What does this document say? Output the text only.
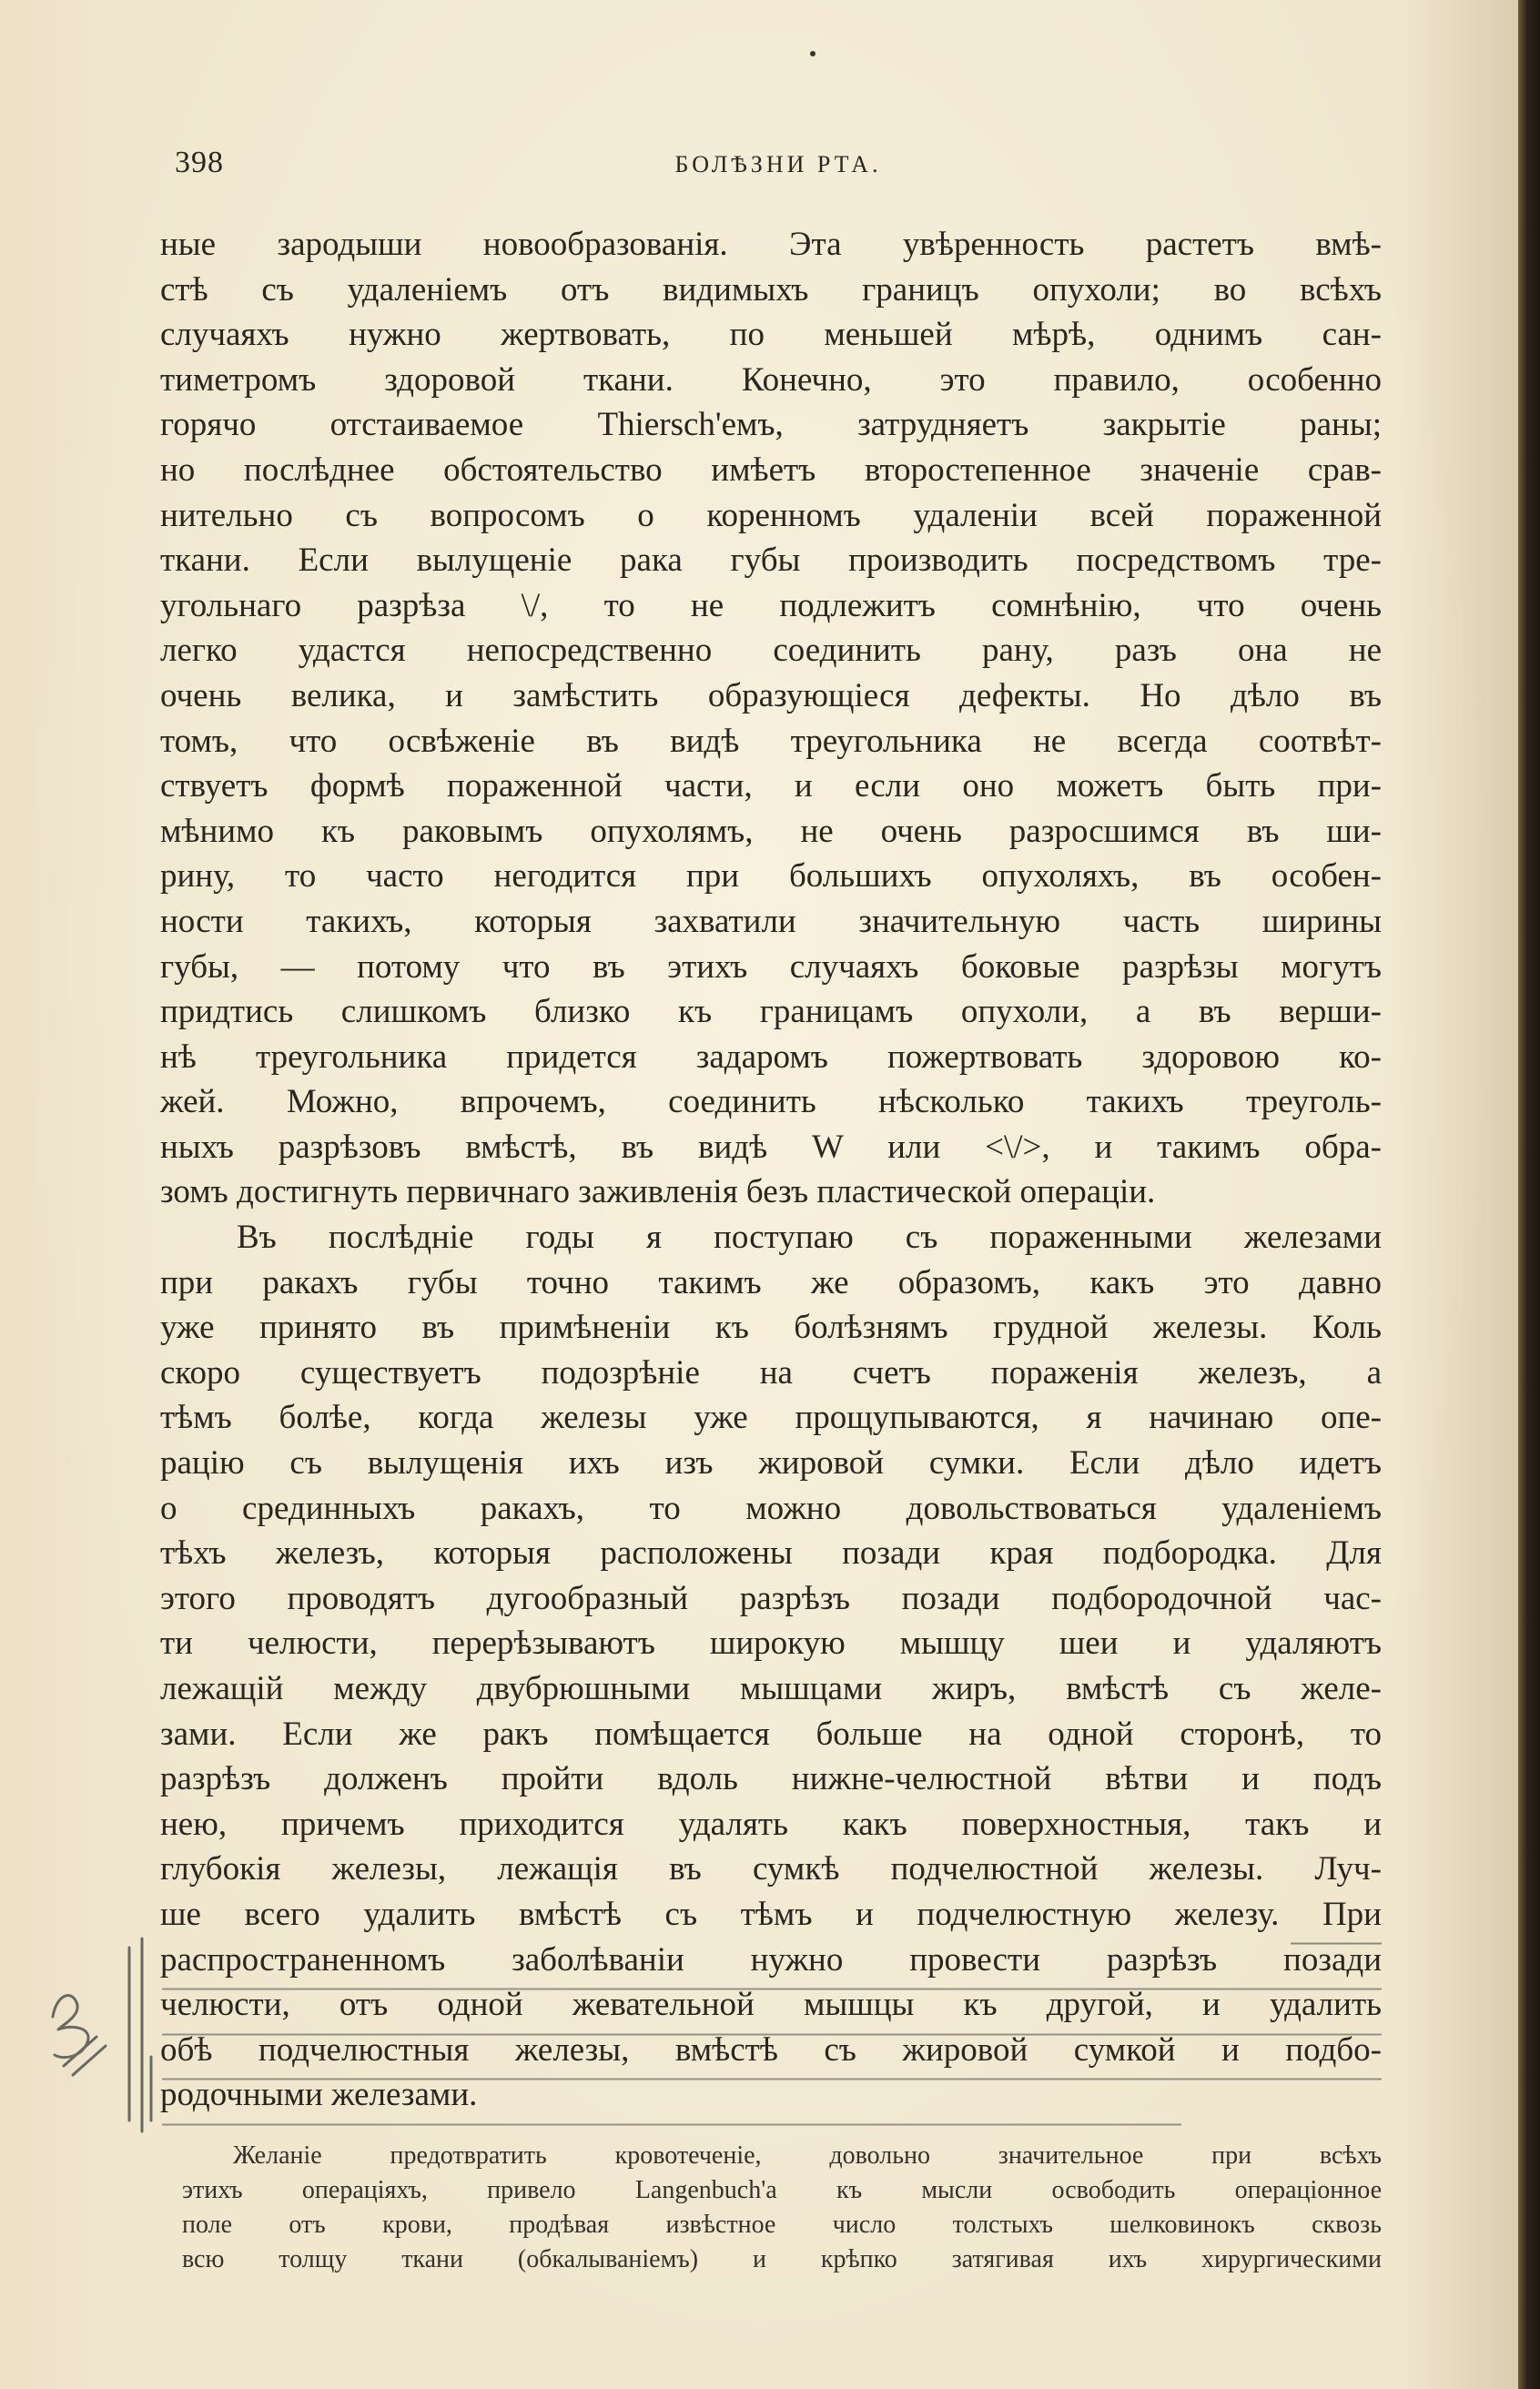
398	БОЛѢЗНИ РТА.
ные зародыши новообразованія. Эта увѣренность растетъ вмѣ-
стѣ съ удаленіемъ отъ видимыхъ границъ опухоли; во всѣхъ
случаяхъ нужно жертвовать, по меньшей мѣрѣ, однимъ сан-
тиметромъ здоровой ткани. Конечно, это правило, особенно
горячо отстаиваемое Thiersch'емъ, затрудняетъ закрытіе раны;
но послѣднее обстоятельство имѣетъ второстепенное значеніе срав-
нительно съ вопросомъ о коренномъ удаленіи всей пораженной
ткани. Если вылущеніе рака губы производить посредствомъ тре-
угольнаго разрѣза \/, то не подлежитъ сомнѣнію, что очень
легко удастся непосредственно соединить рану, разъ она не
очень велика, и замѣстить образующіеся дефекты. Но дѣло въ
томъ, что освѣженіе въ видѣ треугольника не всегда соотвѣт-
ствуетъ формѣ пораженной части, и если оно можетъ быть при-
мѣнимо къ раковымъ опухолямъ, не очень разросшимся въ ши-
рину, то часто негодится при большихъ опухоляхъ, въ особен-
ности такихъ, которыя захватили значительную часть ширины
губы, — потому что въ этихъ случаяхъ боковые разрѣзы могутъ
придтись слишкомъ близко къ границамъ опухоли, а въ верши-
нѣ треугольника придется задаромъ пожертвовать здоровою ко-
жей. Можно, впрочемъ, соединить нѣсколько такихъ треуголь-
ныхъ разрѣзовъ вмѣстѣ, въ видѣ W или <\/>, и такимъ обра-
зомъ достигнуть первичнаго заживленія безъ пластической операціи.
Въ послѣдніе годы я поступаю съ пораженными железами
при ракахъ губы точно такимъ же образомъ, какъ это давно
уже принято въ примѣненіи къ болѣзнямъ грудной железы. Коль
скоро существуетъ подозрѣніе на счетъ пораженія железъ, а
тѣмъ болѣе, когда железы уже прощупываются, я начинаю опе-
рацію съ вылущенія ихъ изъ жировой сумки. Если дѣло идетъ
о срединныхъ ракахъ, то можно довольствоваться удаленіемъ
тѣхъ железъ, которыя расположены позади края подбородка. Для
этого проводятъ дугообразный разрѣзъ позади подбородочной час-
ти челюсти, перерѣзываютъ широкую мышцу шеи и удаляютъ
лежащій между двубрюшными мышцами жиръ, вмѣстѣ съ желе-
зами. Если же ракъ помѣщается больше на одной сторонѣ, то
разрѣзъ долженъ пройти вдоль нижне-челюстной вѣтви и подъ
нею, причемъ приходится удалять какъ поверхностныя, такъ и
глубокія железы, лежащія въ сумкѣ подчелюстной железы. Луч-
ше всего удалить вмѣстѣ съ тѣмъ и подчелюстную железу. При
распространенномъ заболѣваніи нужно провести разрѣзъ позади
челюсти, отъ одной жевательной мышцы къ другой, и удалить
обѣ подчелюстныя железы, вмѣстѣ съ жировой сумкой и подбо-
родочными железами.
Желаніе предотвратить кровотеченіе, довольно значительное при всѣхъ
этихъ операціяхъ, привело Langenbuch'а къ мысли освободить операціонное
поле отъ крови, продѣвая извѣстное число толстыхъ шелковинокъ сквозь
всю толщу ткани (обкалываніемъ) и крѣпко затягивая ихъ хирургическими
